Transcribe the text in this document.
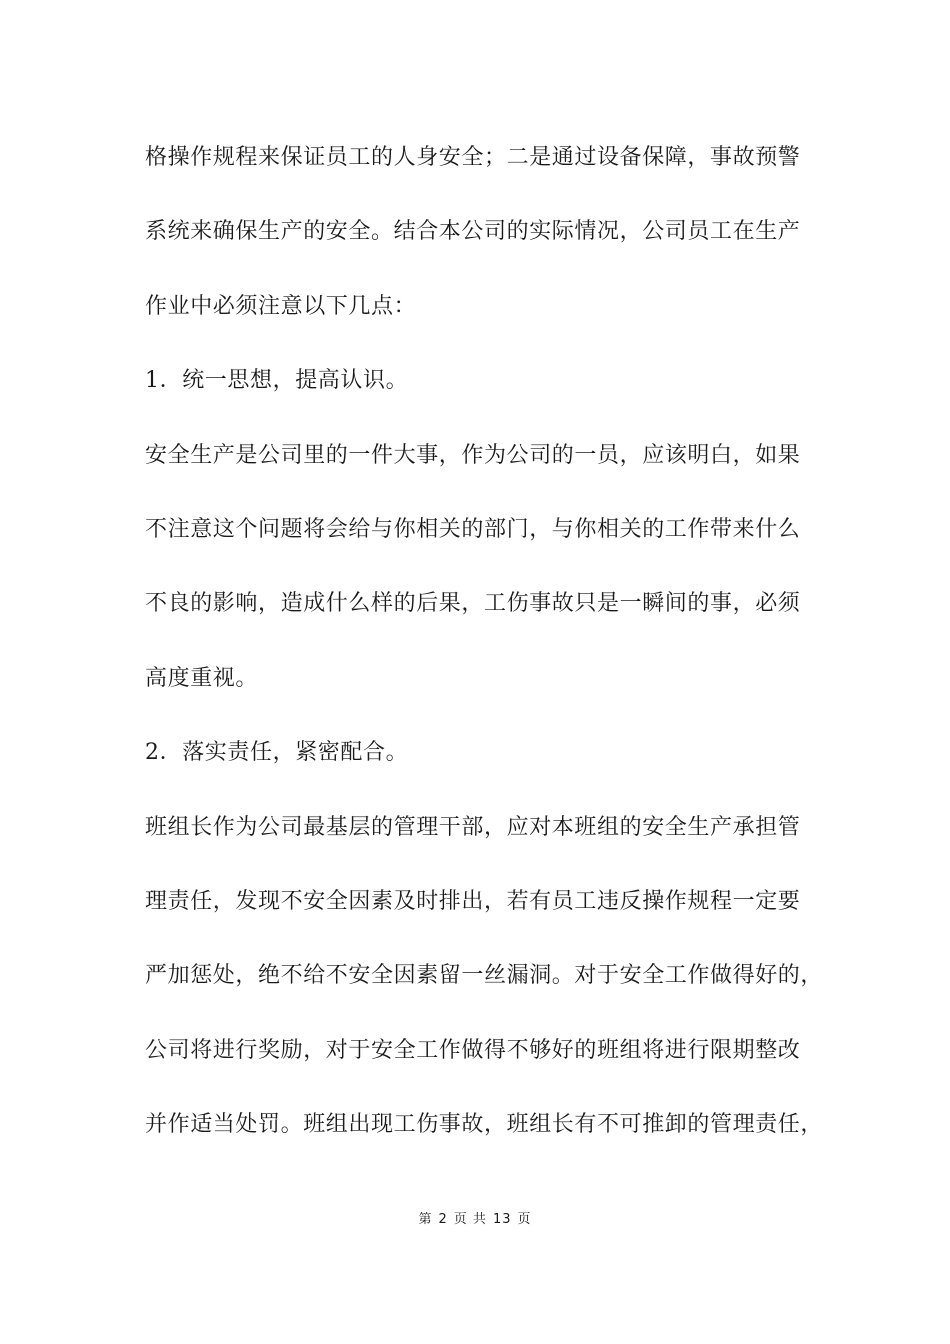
格操作规程来保证员工的人身安全；二是通过设备保障，事故预警
系统来确保生产的安全。结合本公司的实际情况，公司员工在生产
作业中必须注意以下几点：
1．统一思想，提高认识。
安全生产是公司里的一件大事，作为公司的一员，应该明白，如果
不注意这个问题将会给与你相关的部门，与你相关的工作带来什么
不良的影响，造成什么样的后果，工伤事故只是一瞬间的事，必须
高度重视。
2．落实责任，紧密配合。
班组长作为公司最基层的管理干部，应对本班组的安全生产承担管
理责任，发现不安全因素及时排出，若有员工违反操作规程一定要
严加惩处，绝不给不安全因素留一丝漏洞。对于安全工作做得好的，
公司将进行奖励，对于安全工作做得不够好的班组将进行限期整改
并作适当处罚。班组出现工伤事故，班组长有不可推卸的管理责任，
第 2 页 共 13 页
